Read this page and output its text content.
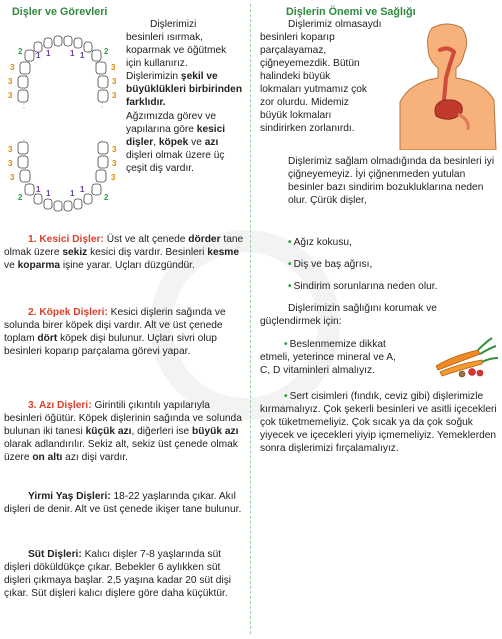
Dişler ve Görevleri
3
3
3
2 1 1 1 1 2
3
3
3
3
3
3
2
1 1 1 1
2
3
3
3
Dişlerimizi
besinleri ısırmak,
koparmak ve öğütmek
için kullanırız.
Dişlerimizin şekil ve büyüklükleri birbirinden farklıdır.
Ağzımızda görev ve yapılarına göre kesici dişler, köpek ve azı dişleri olmak üzere üç çeşit diş vardır.
1. Kesici Dişler: Üst ve alt çenede dörder tane olmak üzere sekiz kesici diş vardır. Besinleri kesme ve koparma işine yarar. Uçları düzgündür.
2. Köpek Dişleri: Kesici dişlerin sağında ve solunda birer köpek dişi vardır. Alt ve üst çenede toplam dört köpek dişi bulunur. Uçları sivri olup besinleri koparıp parçalama görevi yapar.
3. Azı Dişleri: Girintili çıkıntılı yapılarıyla besinleri öğütür. Köpek dişlerinin sağında ve solunda bulunan iki tanesi küçük azı, diğerleri ise büyük azı olarak adlandırılır. Sekiz alt, sekiz üst çenede olmak üzere on altı azı dişi vardır.
Yirmi Yaş Dişleri: 18-22 yaşlarında çıkar. Akıl dişleri de denir. Alt ve üst çenede ikişer tane bulunur.
Süt Dişleri: Kalıcı dişler 7-8 yaşlarında süt dişleri döküldükçe çıkar. Bebekler 6 aylıkken süt dişleri çıkmaya başlar. 2,5 yaşına kadar 20 süt dişi çıkar. Süt dişleri kalıcı dişlere göre daha küçüktür.
Dişlerin Önemi ve Sağlığı
Dişlerimiz olmasaydı
besinleri koparıp
parçalayamaz,
çiğneyemezdik. Bütün
halindeki büyük
lokmaları yutmamız çok
zor olurdu. Midemiz
büyük lokmaları
sindirirken zorlanırdı.
Dişlerimiz sağlam olmadığında da besinleri iyi çiğneyemeyiz. İyi çiğnenmeden yutulan besinler bazı sindirim bozukluklarına neden olur. Çürük dişler,
• Ağız kokusu,
• Diş ve baş ağrısı,
• Sindirim sorunlarına neden olur.
Dişlerimizin sağlığını korumak ve güçlendirmek için:
• Beslenmemize dikkat etmeli, yeterince mineral ve A, C, D vitaminleri almalıyız.
• Sert cisimleri (fındık, ceviz gibi) dişlerimizle kırmamalıyız. Çok şekerli besinleri ve asitli içecekleri çok tüketmemeliyiz. Çok sıcak ya da çok soğuk yiyecek ve içecekleri yiyip içmemeliyiz. Yemeklerden sonra dişlerimizi fırçalamalıyız.
